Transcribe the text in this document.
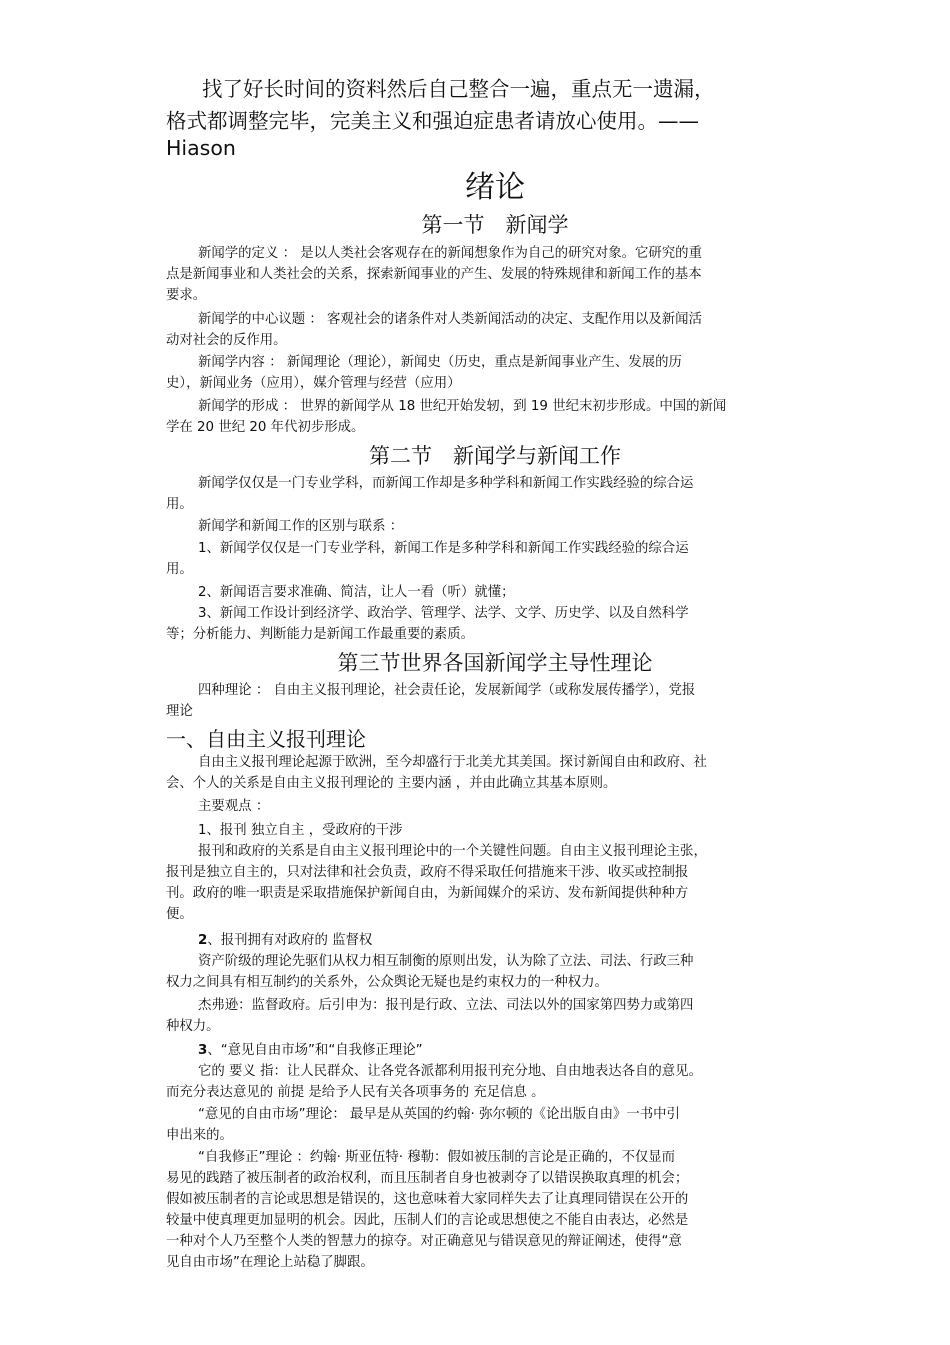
找了好长时间的资料然后自己整合一遍，重点无一遗漏，
格式都调整完毕，完美主义和强迫症患者请放心使用。——
Hiason
绪论
第一节　新闻学
新闻学的定义 ： 是以人类社会客观存在的新闻想象作为自己的研究对象。它研究的重
点是新闻事业和人类社会的关系，探索新闻事业的产生、发展的特殊规律和新闻工作的基本
要求。
新闻学的中心议题 ： 客观社会的诸条件对人类新闻活动的决定、支配作用以及新闻活
动对社会的反作用。
新闻学内容 ： 新闻理论（理论），新闻史（历史，重点是新闻事业产生、发展的历
史），新闻业务（应用），媒介管理与经营（应用）
新闻学的形成 ： 世界的新闻学从 18 世纪开始发轫，到 19 世纪末初步形成。中国的新闻
学在 20 世纪 20 年代初步形成。
第二节　新闻学与新闻工作
新闻学仅仅是一门专业学科，而新闻工作却是多种学科和新闻工作实践经验的综合运
用。
新闻学和新闻工作的区别与联系 ：
1、新闻学仅仅是一门专业学科，新闻工作是多种学科和新闻工作实践经验的综合运
用。
2、新闻语言要求准确、简洁，让人一看（听）就懂；
3、新闻工作设计到经济学、政治学、管理学、法学、文学、历史学、以及自然科学
等；分析能力、判断能力是新闻工作最重要的素质。
第三节世界各国新闻学主导性理论
四种理论 ： 自由主义报刊理论，社会责任论，发展新闻学（或称发展传播学），党报
理论
一、自由主义报刊理论
自由主义报刊理论起源于欧洲，至今却盛行于北美尤其美国。探讨新闻自由和政府、社
会、个人的关系是自由主义报刊理论的 主要内涵 ，并由此确立其基本原则。
主要观点 ：
1、报刊 独立自主 ，受政府的干涉
报刊和政府的关系是自由主义报刊理论中的一个关键性问题。自由主义报刊理论主张，
报刊是独立自主的，只对法律和社会负责，政府不得采取任何措施来干涉、收买或控制报
刊。政府的唯一职责是采取措施保护新闻自由，为新闻媒介的采访、发布新闻提供种种方
便。
2、报刊拥有对政府的 监督权
资产阶级的理论先驱们从权力相互制衡的原则出发，认为除了立法、司法、行政三种
权力之间具有相互制约的关系外，公众舆论无疑也是约束权力的一种权力。
杰弗逊：监督政府。后引申为：报刊是行政、立法、司法以外的国家第四势力或第四
种权力。
3、“意见自由市场”和“自我修正理论”
它的 要义 指：让人民群众、让各党各派都利用报刊充分地、自由地表达各自的意见。
而充分表达意见的 前提 是给予人民有关各项事务的 充足信息 。
“意见的自由市场”理论： 最早是从英国的约翰· 弥尔顿的《论出版自由》一书中引
申出来的。
“自我修正”理论 ：约翰· 斯亚伍特· 穆勒：假如被压制的言论是正确的，不仅显而
易见的践踏了被压制者的政治权利，而且压制者自身也被剥夺了以错误换取真理的机会；
假如被压制者的言论或思想是错误的，这也意味着大家同样失去了让真理同错误在公开的
较量中使真理更加显明的机会。因此，压制人们的言论或思想使之不能自由表达，必然是
一种对个人乃至整个人类的智慧力的掠夺。对正确意见与错误意见的辩证阐述，使得“意
见自由市场”在理论上站稳了脚跟。
